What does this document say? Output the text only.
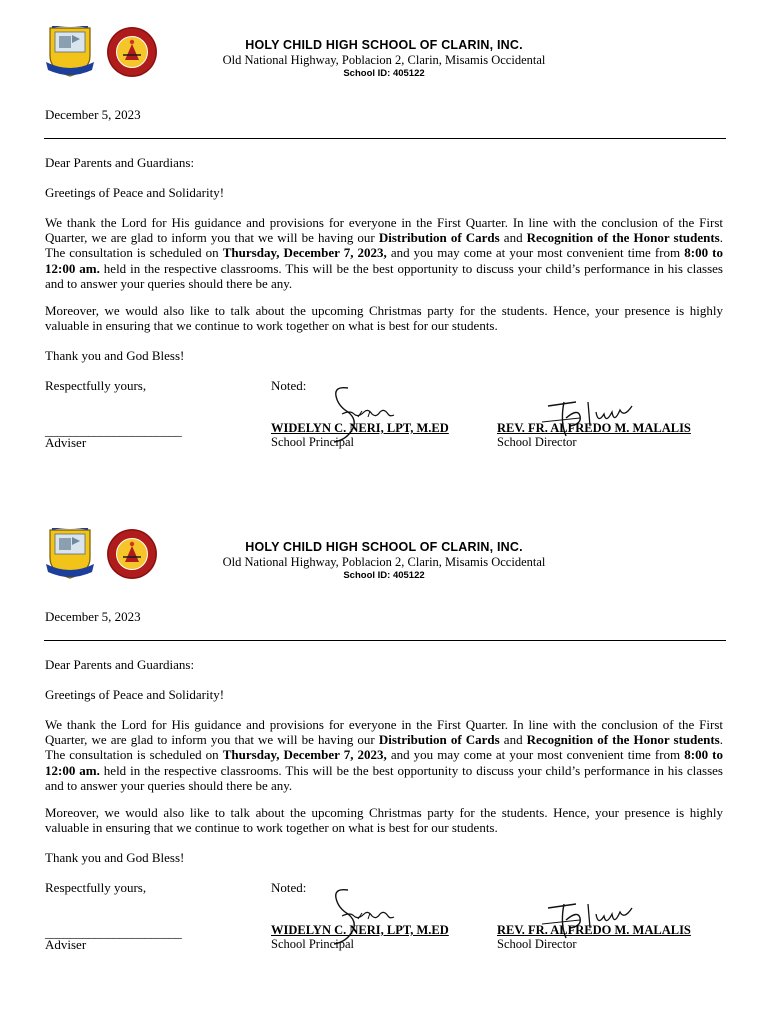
HOLY CHILD HIGH SCHOOL OF CLARIN, INC.
Old National Highway, Poblacion 2, Clarin, Misamis Occidental
School ID: 405122
December 5, 2023
Dear Parents and Guardians:
Greetings of Peace and Solidarity!

We thank the Lord for His guidance and provisions for everyone in the First Quarter. In line with the conclusion of the First Quarter, we are glad to inform you that we will be having our Distribution of Cards and Recognition of the Honor students. The consultation is scheduled on Thursday, December 7, 2023, and you may come at your most convenient time from 8:00 to 12:00 am. held in the respective classrooms. This will be the best opportunity to discuss your child’s performance in his classes and to answer your queries should there be any.

Moreover, we would also like to talk about the upcoming Christmas party for the students. Hence, your presence is highly valuable in ensuring that we continue to work together on what is best for our students.

Thank you and God Bless!
Respectfully yours,	Noted:
______________________
Adviser
WIDELYN C. NERI, LPT, M.ED
School Principal
REV. FR. ALFREDO M. MALALIS
School Director
HOLY CHILD HIGH SCHOOL OF CLARIN, INC.
Old National Highway, Poblacion 2, Clarin, Misamis Occidental
School ID: 405122
December 5, 2023
Dear Parents and Guardians:
Greetings of Peace and Solidarity!

We thank the Lord for His guidance and provisions for everyone in the First Quarter. In line with the conclusion of the First Quarter, we are glad to inform you that we will be having our Distribution of Cards and Recognition of the Honor students. The consultation is scheduled on Thursday, December 7, 2023, and you may come at your most convenient time from 8:00 to 12:00 am. held in the respective classrooms. This will be the best opportunity to discuss your child’s performance in his classes and to answer your queries should there be any.

Moreover, we would also like to talk about the upcoming Christmas party for the students. Hence, your presence is highly valuable in ensuring that we continue to work together on what is best for our students.

Thank you and God Bless!
Respectfully yours,	Noted:
______________________
Adviser
WIDELYN C. NERI, LPT, M.ED
School Principal
REV. FR. ALFREDO M. MALALIS
School Director
